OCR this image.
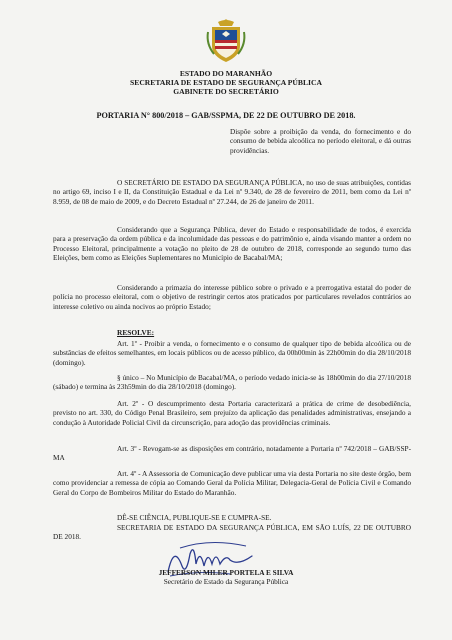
ESTADO DO MARANHÃO
SECRETARIA DE ESTADO DE SEGURANÇA PÚBLICA
GABINETE DO SECRETÁRIO
PORTARIA N° 800/2018 – GAB/SSPMA, DE 22 DE OUTUBRO DE 2018.

Dispõe sobre a proibição da venda, do fornecimento e do consumo de bebida alcoólica no período eleitoral, e dá outras providências.

O SECRETÁRIO DE ESTADO DA SEGURANÇA PÚBLICA, no uso de suas atribuições, contidas no artigo 69, inciso I e II, da Constituição Estadual e da Lei nº 9.340, de 28 de fevereiro de 2011, bem como da Lei nº 8.959, de 08 de maio de 2009, e do Decreto Estadual nº 27.244, de 26 de janeiro de 2011.

Considerando que a Segurança Pública, dever do Estado e responsabilidade de todos, é exercida para a preservação da ordem pública e da incolumidade das pessoas e do patrimônio e, ainda visando manter a ordem no Processo Eleitoral, principalmente a votação no pleito de 28 de outubro de 2018, corresponde ao segundo turno das Eleições, bem como as Eleições Suplementares no Município de Bacabal/MA;

Considerando a primazia do interesse público sobre o privado e a prerrogativa estatal do poder de polícia no processo eleitoral, com o objetivo de restringir certos atos praticados por particulares revelados contrários ao interesse coletivo ou ainda nocivos ao próprio Estado;

RESOLVE:

Art. 1º - Proibir a venda, o fornecimento e o consumo de qualquer tipo de bebida alcoólica ou de substâncias de efeitos semelhantes, em locais públicos ou de acesso público, da 00h00min às 22h00min do dia 28/10/2018 (domingo).

§ único – No Município de Bacabal/MA, o período vedado inicia-se às 18h00min do dia 27/10/2018 (sábado) e termina às 23h59min do dia 28/10/2018 (domingo).

Art. 2º - O descumprimento desta Portaria caracterizará a prática de crime de desobediência, previsto no art. 330, do Código Penal Brasileiro, sem prejuízo da aplicação das penalidades administrativas, ensejando a condução à Autoridade Policial Civil da circunscrição, para adoção das providências criminais.

Art. 3º - Revogam-se as disposições em contrário, notadamente a Portaria nº 742/2018 – GAB/SSP-MA

Art. 4º - A Assessoria de Comunicação deve publicar uma via desta Portaria no site deste órgão, bem como providenciar a remessa de cópia ao Comando Geral da Polícia Militar, Delegacia-Geral de Polícia Civil e Comando Geral do Corpo de Bombeiros Militar do Estado do Maranhão.

DÊ-SE CIÊNCIA, PUBLIQUE-SE E CUMPRA-SE.

SECRETARIA DE ESTADO DA SEGURANÇA PÚBLICA, EM SÃO LUÍS, 22 DE OUTUBRO DE 2018.

JEFFERSON MILER PORTELA E SILVA
Secretário de Estado da Segurança Pública
